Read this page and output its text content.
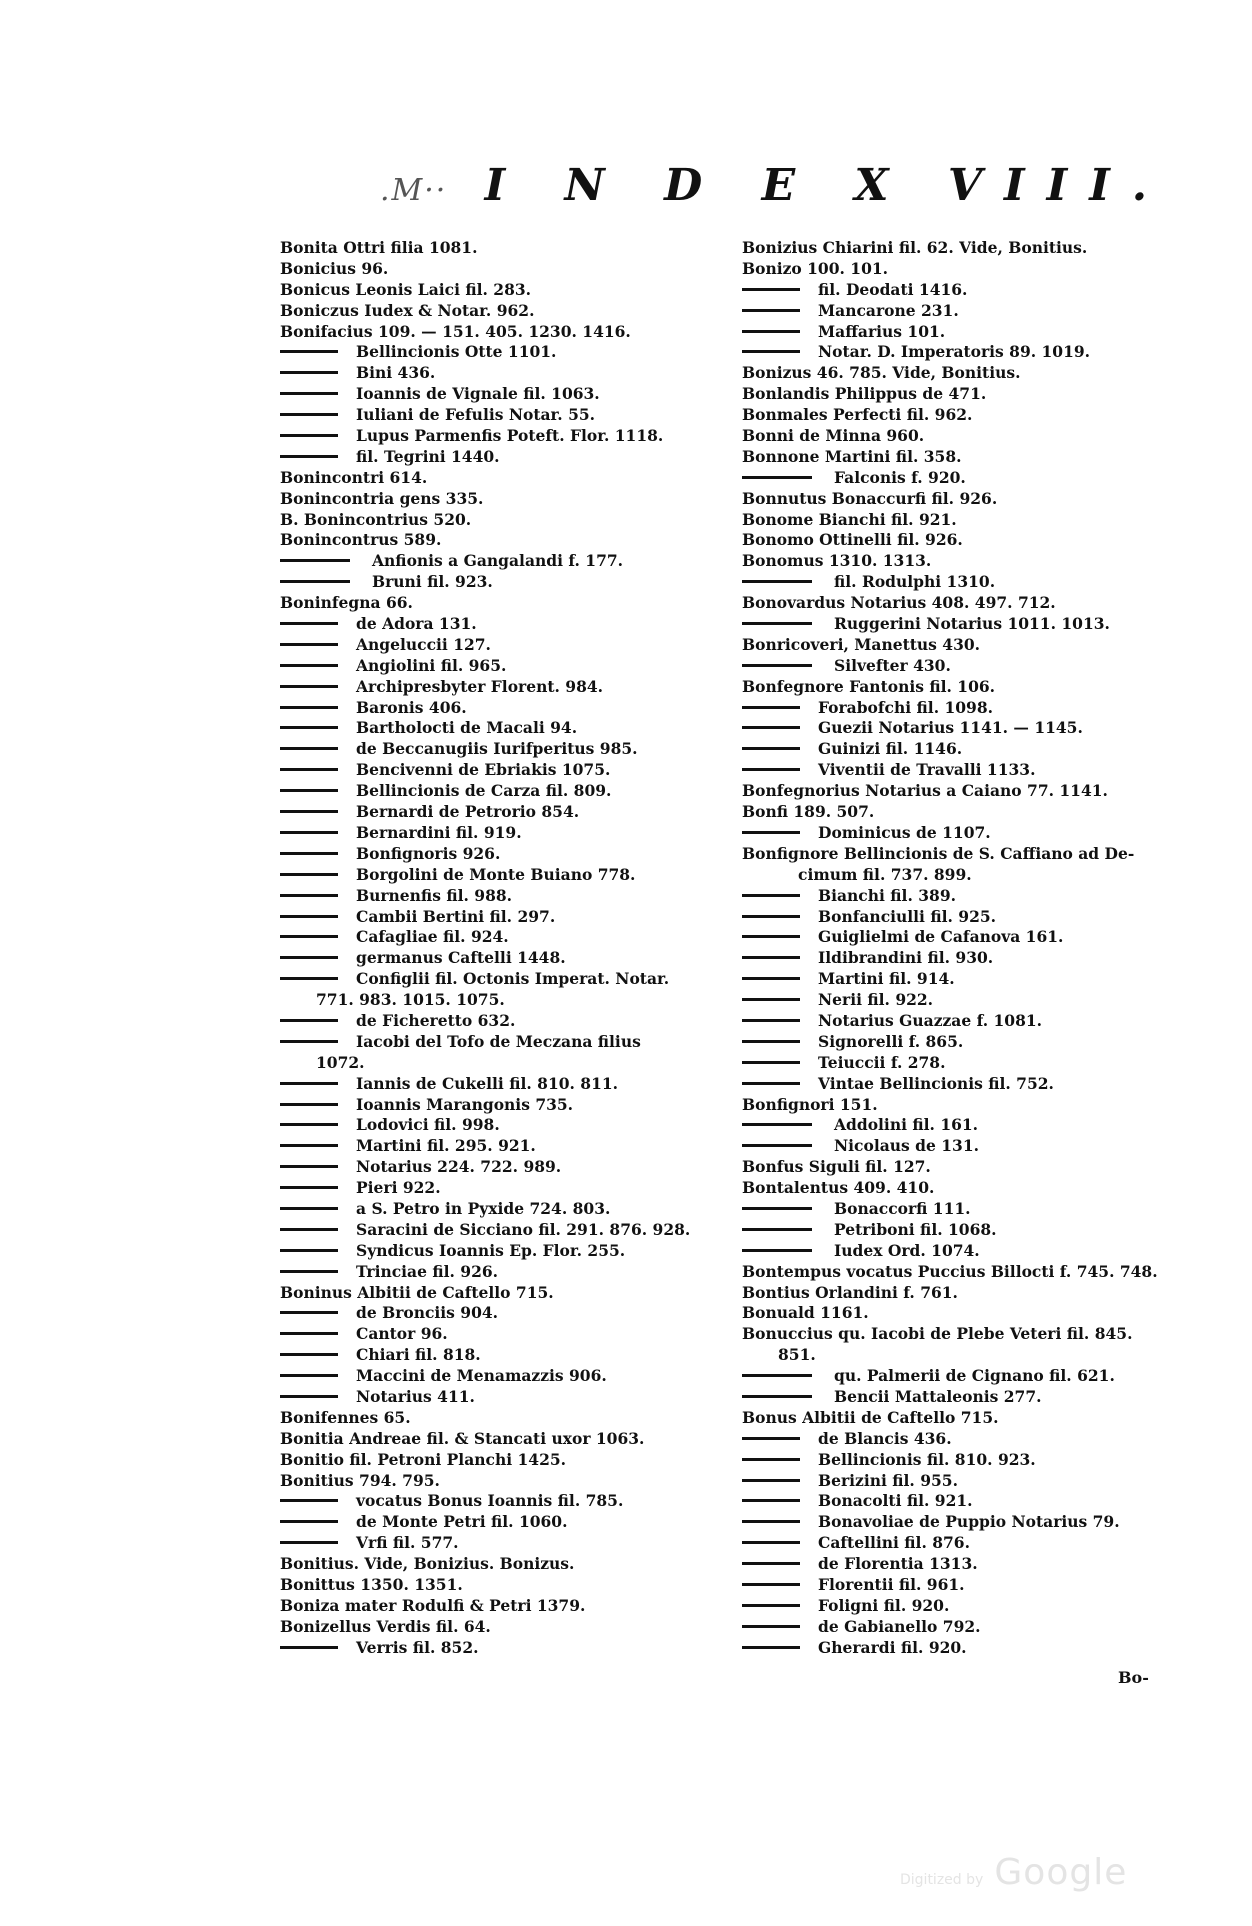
.M·· I N D E X VIII.
Bonita Ottri filia 1081.
Bonicius 96.
Bonicus Leonis Laici fil. 283.
Boniczus Iudex & Notar. 962.
Bonifacius 109. — 151. 405. 1230. 1416.
Bellincionis Otte 1101.
Bini 436.
Ioannis de Vignale fil. 1063.
Iuliani de Fefulis Notar. 55.
Lupus Parmenfis Poteft. Flor. 1118.
fil. Tegrini 1440.
Bonincontri 614.
Bonincontria gens 335.
B. Bonincontrius 520.
Bonincontrus 589.
Anfionis a Gangalandi f. 177.
Bruni fil. 923.
Boninfegna 66.
de Adora 131.
Angeluccii 127.
Angiolini fil. 965.
Archipresbyter Florent. 984.
Baronis 406.
Bartholocti de Macali 94.
de Beccanugiis Iurifperitus 985.
Bencivenni de Ebriakis 1075.
Bellincionis de Carza fil. 809.
Bernardi de Petrorio 854.
Bernardini fil. 919.
Bonfignoris 926.
Borgolini de Monte Buiano 778.
Burnenfis fil. 988.
Cambii Bertini fil. 297.
Cafagliae fil. 924.
germanus Caftelli 1448.
Configlii fil. Octonis Imperat. Notar.
771. 983. 1015. 1075.
de Ficheretto 632.
Iacobi del Tofo de Meczana filius
1072.
Iannis de Cukelli fil. 810. 811.
Ioannis Marangonis 735.
Lodovici fil. 998.
Martini fil. 295. 921.
Notarius 224. 722. 989.
Pieri 922.
a S. Petro in Pyxide 724. 803.
Saracini de Sicciano fil. 291. 876. 928.
Syndicus Ioannis Ep. Flor. 255.
Trinciae fil. 926.
Boninus Albitii de Caftello 715.
de Bronciis 904.
Cantor 96.
Chiari fil. 818.
Maccini de Menamazzis 906.
Notarius 411.
Bonifennes 65.
Bonitia Andreae fil. & Stancati uxor 1063.
Bonitio fil. Petroni Planchi 1425.
Bonitius 794. 795.
vocatus Bonus Ioannis fil. 785.
de Monte Petri fil. 1060.
Vrfi fil. 577.
Bonitius. Vide, Bonizius. Bonizus.
Bonittus 1350. 1351.
Boniza mater Rodulfi & Petri 1379.
Bonizellus Verdis fil. 64.
Verris fil. 852.
Bonizius Chiarini fil. 62. Vide, Bonitius.
Bonizo 100. 101.
fil. Deodati 1416.
Mancarone 231.
Maffarius 101.
Notar. D. Imperatoris 89. 1019.
Bonizus 46. 785. Vide, Bonitius.
Bonlandis Philippus de 471.
Bonmales Perfecti fil. 962.
Bonni de Minna 960.
Bonnone Martini fil. 358.
Falconis f. 920.
Bonnutus Bonaccurfi fil. 926.
Bonome Bianchi fil. 921.
Bonomo Ottinelli fil. 926.
Bonomus 1310. 1313.
fil. Rodulphi 1310.
Bonovardus Notarius 408. 497. 712.
Ruggerini Notarius 1011. 1013.
Bonricoveri, Manettus 430.
Silvefter 430.
Bonfegnore Fantonis fil. 106.
Forabofchi fil. 1098.
Guezii Notarius 1141. — 1145.
Guinizi fil. 1146.
Viventii de Travalli 1133.
Bonfegnorius Notarius a Caiano 77. 1141.
Bonfi 189. 507.
Dominicus de 1107.
Bonfignore Bellincionis de S. Caffiano ad De-
cimum fil. 737. 899.
Bianchi fil. 389.
Bonfanciulli fil. 925.
Guiglielmi de Cafanova 161.
Ildibrandini fil. 930.
Martini fil. 914.
Nerii fil. 922.
Notarius Guazzae f. 1081.
Signorelli f. 865.
Teiuccii f. 278.
Vintae Bellincionis fil. 752.
Bonfignori 151.
Addolini fil. 161.
Nicolaus de 131.
Bonfus Siguli fil. 127.
Bontalentus 409. 410.
Bonaccorfi 111.
Petriboni fil. 1068.
Iudex Ord. 1074.
Bontempus vocatus Puccius Billocti f. 745. 748.
Bontius Orlandini f. 761.
Bonuald 1161.
Bonuccius qu. Iacobi de Plebe Veteri fil. 845.
851.
qu. Palmerii de Cignano fil. 621.
Bencii Mattaleonis 277.
Bonus Albitii de Caftello 715.
de Blancis 436.
Bellincionis fil. 810. 923.
Berizini fil. 955.
Bonacolti fil. 921.
Bonavoliae de Puppio Notarius 79.
Caftellini fil. 876.
de Florentia 1313.
Florentii fil. 961.
Foligni fil. 920.
de Gabianello 792.
Gherardi fil. 920.
Bo-
Digitized by Google
